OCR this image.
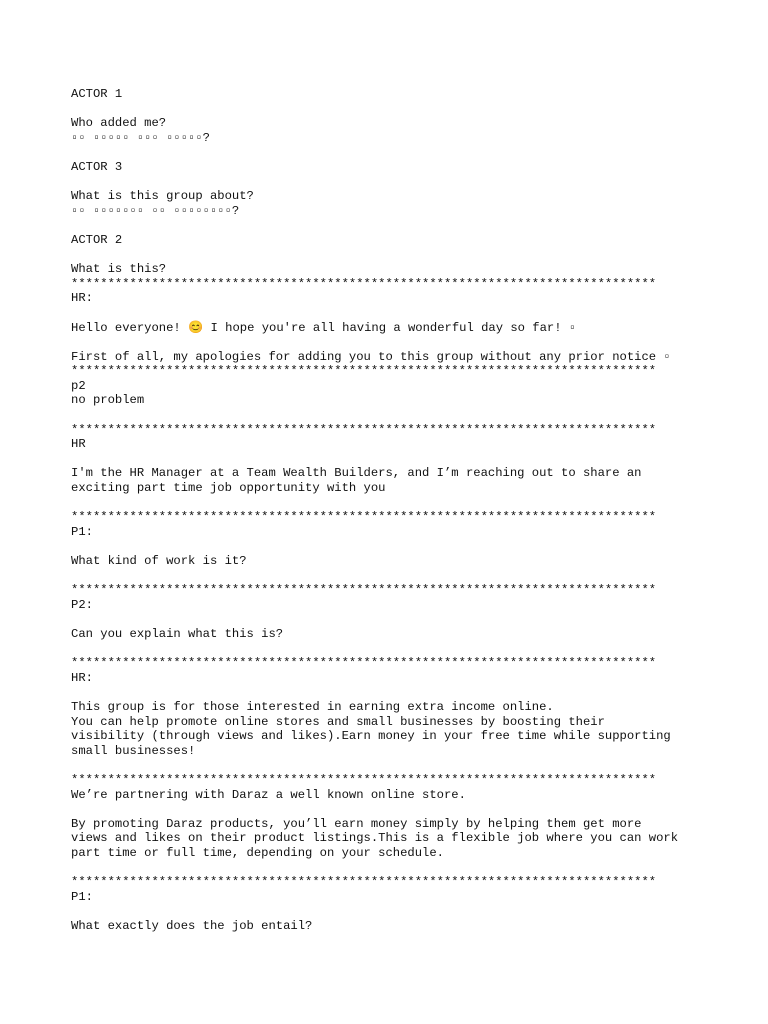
ACTOR 1
Who added me?
▫▫ ▫▫▫▫▫ ▫▫▫ ▫▫▫▫▫?
ACTOR 3
What is this group about?
▫▫ ▫▫▫▫▫▫▫ ▫▫ ▫▫▫▫▫▫▫▫?
ACTOR 2
What is this?
********************************************************************************
HR:
Hello everyone! 😊 I hope you're all having a wonderful day so far! ▫
First of all, my apologies for adding you to this group without any prior notice ▫
********************************************************************************
p2
no problem
********************************************************************************
HR
I'm the HR Manager at a Team Wealth Builders, and I’m reaching out to share an
exciting part time job opportunity with you
********************************************************************************
P1:
What kind of work is it?
********************************************************************************
P2:
Can you explain what this is?
********************************************************************************
HR:
This group is for those interested in earning extra income online.
You can help promote online stores and small businesses by boosting their
visibility (through views and likes).Earn money in your free time while supporting
small businesses!
********************************************************************************
We’re partnering with Daraz a well known online store.
By promoting Daraz products, you’ll earn money simply by helping them get more
views and likes on their product listings.This is a flexible job where you can work
part time or full time, depending on your schedule.
********************************************************************************
P1:
What exactly does the job entail?
